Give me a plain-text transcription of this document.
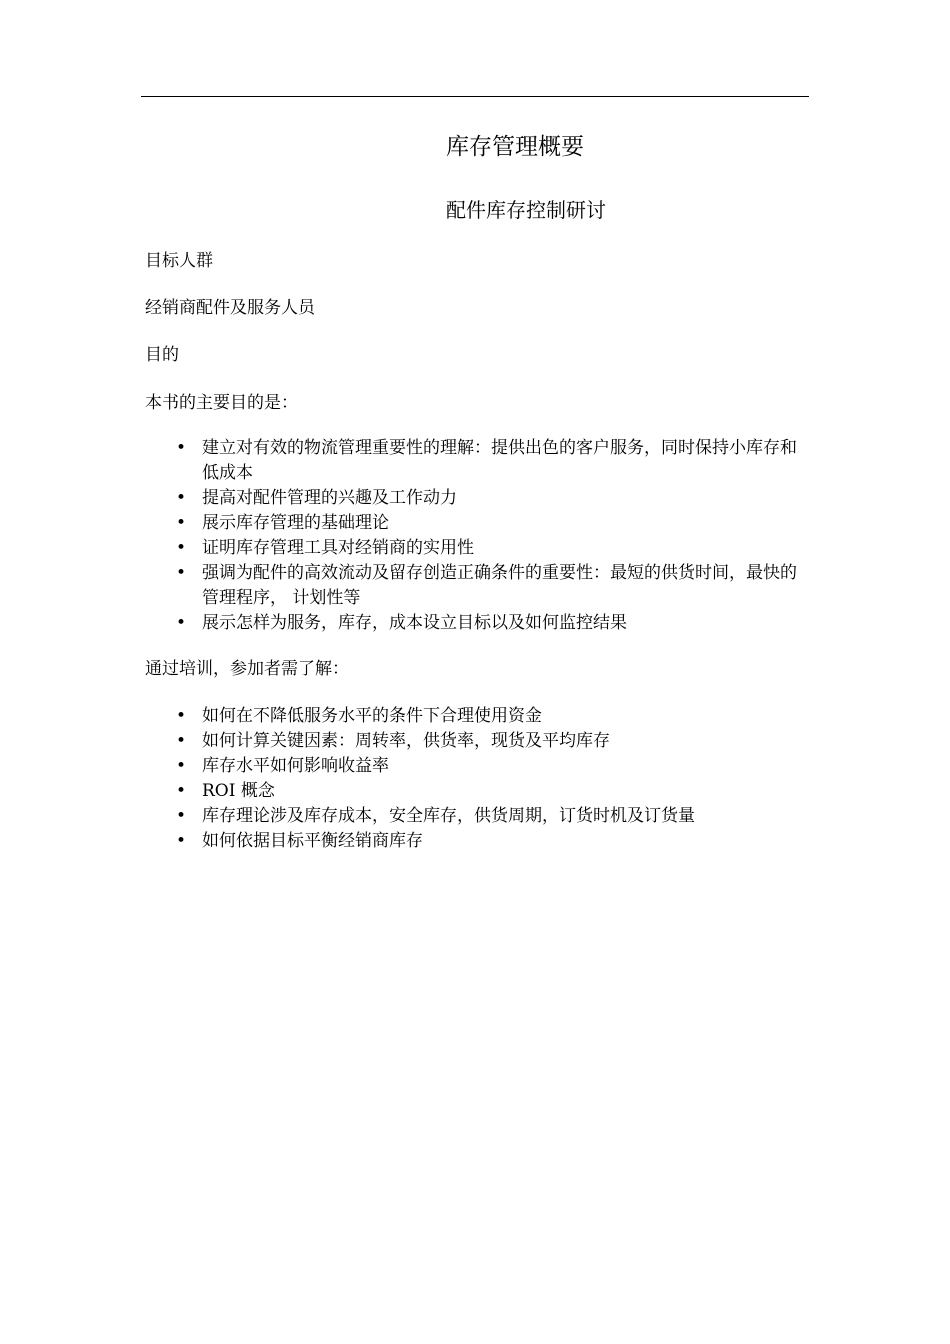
库存管理概要
配件库存控制研讨
目标人群
经销商配件及服务人员
目的
本书的主要目的是：
• 建立对有效的物流管理重要性的理解：提供出色的客户服务，同时保持小库存和低成本
• 提高对配件管理的兴趣及工作动力
• 展示库存管理的基础理论
• 证明库存管理工具对经销商的实用性
• 强调为配件的高效流动及留存创造正确条件的重要性：最短的供货时间，最快的管理程序， 计划性等
• 展示怎样为服务，库存，成本设立目标以及如何监控结果
通过培训，参加者需了解：
• 如何在不降低服务水平的条件下合理使用资金
• 如何计算关键因素：周转率，供货率，现货及平均库存
• 库存水平如何影响收益率
• ROI 概念
• 库存理论涉及库存成本，安全库存，供货周期，订货时机及订货量
• 如何依据目标平衡经销商库存
